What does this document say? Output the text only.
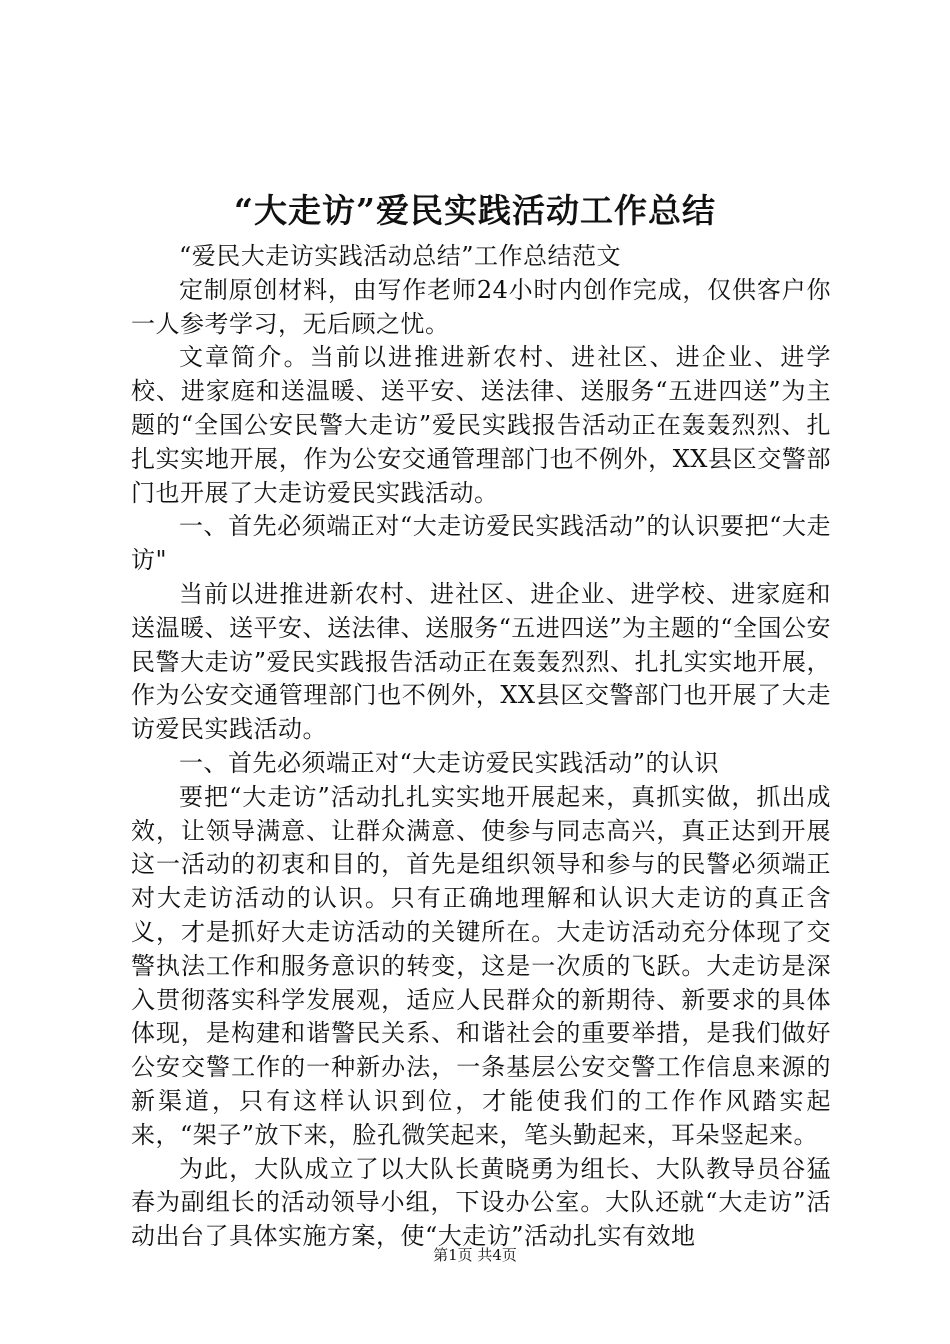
“大走访”爱民实践活动工作总结

“爱民大走访实践活动总结”工作总结范文

定制原创材料，由写作老师24小时内创作完成，仅供客户你一人参考学习，无后顾之忧。

文章简介。当前以进推进新农村、进社区、进企业、进学校、进家庭和送温暖、送平安、送法律、送服务“五进四送”为主题的“全国公安民警大走访”爱民实践报告活动正在轰轰烈烈、扎扎实实地开展，作为公安交通管理部门也不例外，XX县区交警部门也开展了大走访爱民实践活动。

一、首先必须端正对“大走访爱民实践活动”的认识要把“大走访"

当前以进推进新农村、进社区、进企业、进学校、进家庭和送温暖、送平安、送法律、送服务“五进四送”为主题的“全国公安民警大走访”爱民实践报告活动正在轰轰烈烈、扎扎实实地开展，作为公安交通管理部门也不例外，XX县区交警部门也开展了大走访爱民实践活动。

一、首先必须端正对“大走访爱民实践活动”的认识

要把“大走访”活动扎扎实实地开展起来，真抓实做，抓出成效，让领导满意、让群众满意、使参与同志高兴，真正达到开展这一活动的初衷和目的，首先是组织领导和参与的民警必须端正对大走访活动的认识。只有正确地理解和认识大走访的真正含义，才是抓好大走访活动的关键所在。大走访活动充分体现了交警执法工作和服务意识的转变，这是一次质的飞跃。大走访是深入贯彻落实科学发展观，适应人民群众的新期待、新要求的具体体现，是构建和谐警民关系、和谐社会的重要举措，是我们做好公安交警工作的一种新办法，一条基层公安交警工作信息来源的新渠道，只有这样认识到位，才能使我们的工作作风踏实起来，“架子”放下来，脸孔微笑起来，笔头勤起来，耳朵竖起来。

为此，大队成立了以大队长黄晓勇为组长、大队教导员谷猛春为副组长的活动领导小组，下设办公室。大队还就“大走访”活动出台了具体实施方案，使“大走访”活动扎实有效地

第1页 共4页
